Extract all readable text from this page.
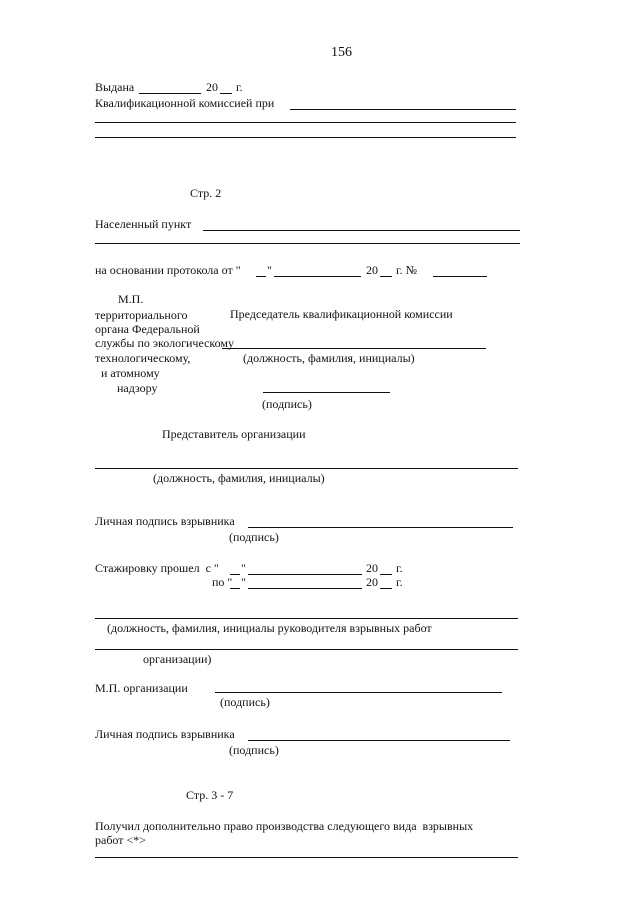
156
Выдана	20 г.
Квалификационной комиссией при
Стр. 2
Населенный пункт
на основании протокола от " "	20 г. №
М.П.
территориального
органа Федеральной
службы по экологическому
технологическому,
и атомному
надзору
Председатель квалификационной комиссии
(должность, фамилия, инициалы)
(подпись)
Представитель организации
(должность, фамилия, инициалы)
Личная подпись взрывника
(подпись)
Стажировку прошел  с " "	20 г.
по " "	20 г.
(должность, фамилия, инициалы руководителя взрывных работ
организации)
М.П. организации
(подпись)
Личная подпись взрывника
(подпись)
Стр. 3 - 7
Получил дополнительно право производства следующего вида  взрывных
работ <*>
